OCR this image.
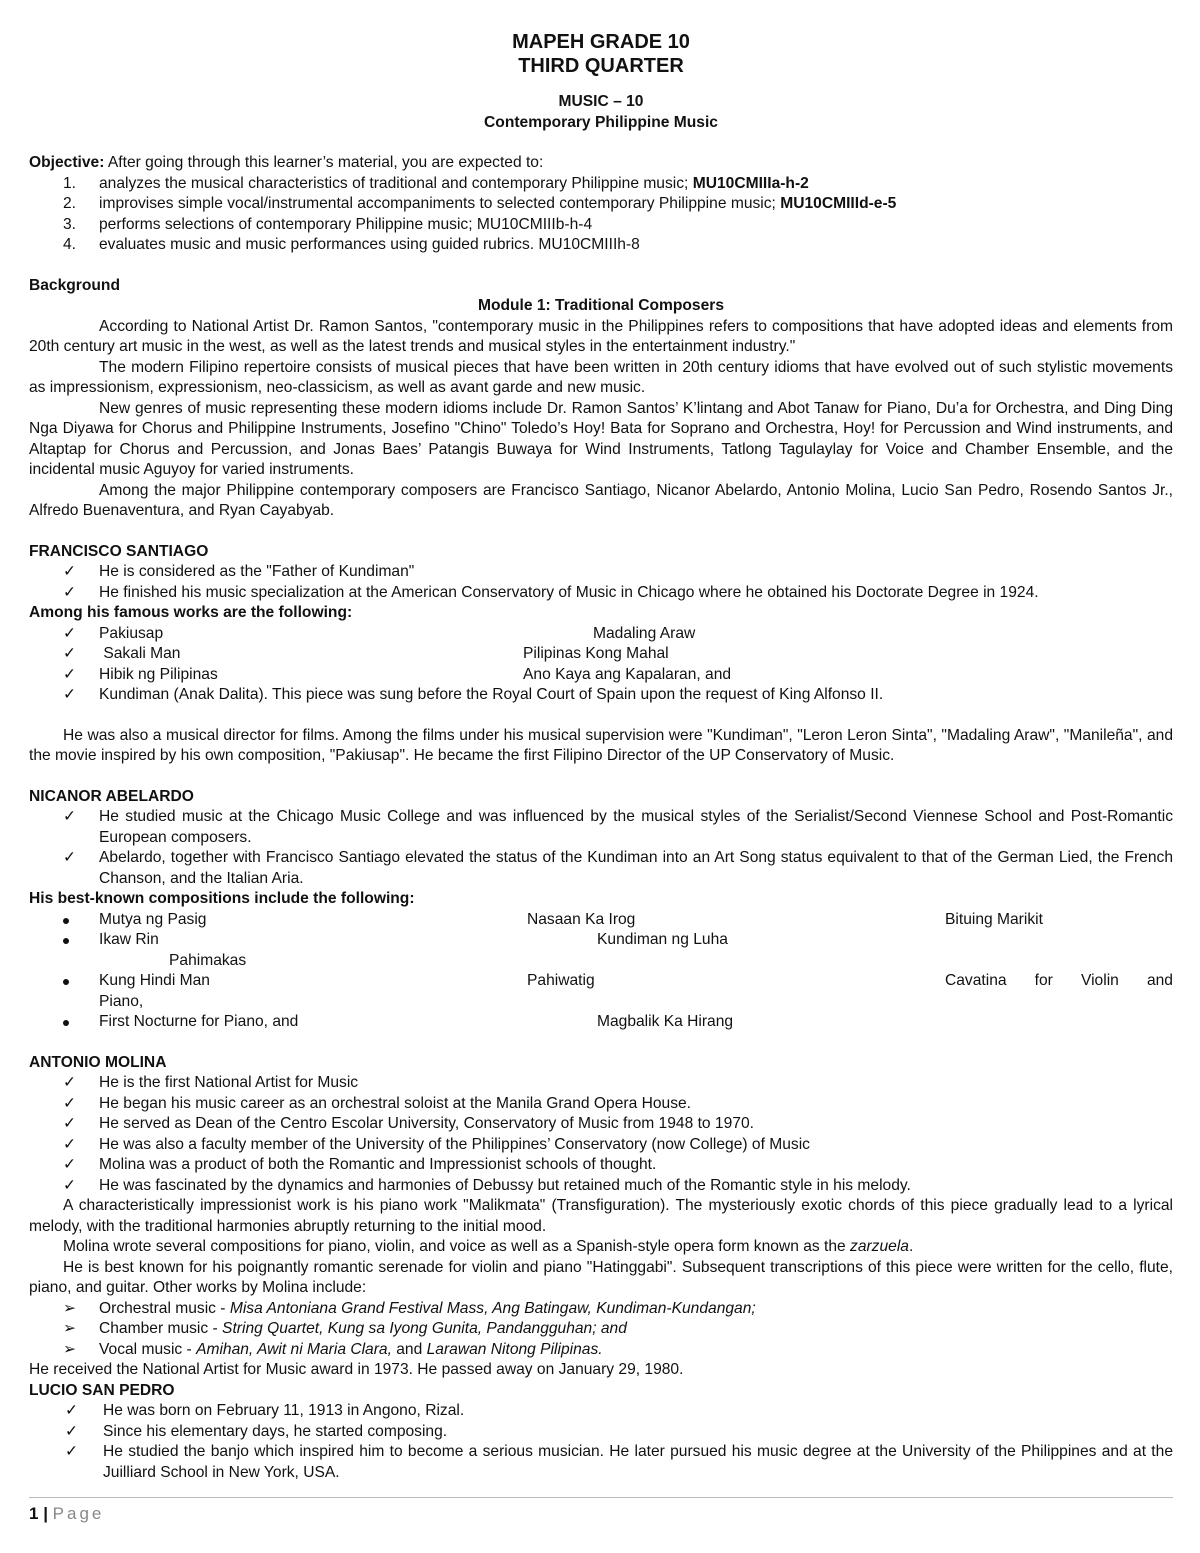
MAPEH GRADE 10
THIRD QUARTER
MUSIC – 10
Contemporary Philippine Music
Objective: After going through this learner’s material, you are expected to:
1. analyzes the musical characteristics of traditional and contemporary Philippine music; MU10CMIIIa-h-2
2. improvises simple vocal/instrumental accompaniments to selected contemporary Philippine music; MU10CMIIId-e-5
3. performs selections of contemporary Philippine music; MU10CMIIIb-h-4
4. evaluates music and music performances using guided rubrics. MU10CMIIIh-8
Background
Module 1: Traditional Composers

According to National Artist Dr. Ramon Santos, "contemporary music in the Philippines refers to compositions that have adopted ideas and elements from 20th century art music in the west, as well as the latest trends and musical styles in the entertainment industry."

The modern Filipino repertoire consists of musical pieces that have been written in 20th century idioms that have evolved out of such stylistic movements as impressionism, expressionism, neo-classicism, as well as avant garde and new music.

New genres of music representing these modern idioms include Dr. Ramon Santos’ K’lintang and Abot Tanaw for Piano, Du’a for Orchestra, and Ding Ding Nga Diyawa for Chorus and Philippine Instruments, Josefino "Chino" Toledo’s Hoy! Bata for Soprano and Orchestra, Hoy! for Percussion and Wind instruments, and Altaptap for Chorus and Percussion, and Jonas Baes’ Patangis Buwaya for Wind Instruments, Tatlong Tagulaylay for Voice and Chamber Ensemble, and the incidental music Aguyoy for varied instruments.

Among the major Philippine contemporary composers are Francisco Santiago, Nicanor Abelardo, Antonio Molina, Lucio San Pedro, Rosendo Santos Jr., Alfredo Buenaventura, and Ryan Cayabyab.

FRANCISCO SANTIAGO
✓
He is considered as the "Father of Kundiman"
✓
He finished his music specialization at the American Conservatory of Music in Chicago where he obtained his Doctorate Degree in 1924.
Among his famous works are the following:
✓
Pakiusap	Madaling Araw
✓
Sakali Man	Pilipinas Kong Mahal
✓
Hibik ng Pilipinas	Ano Kaya ang Kapalaran, and
✓
Kundiman (Anak Dalita). This piece was sung before the Royal Court of Spain upon the request of King Alfonso II.

He was also a musical director for films. Among the films under his musical supervision were "Kundiman", "Leron Leron Sinta", "Madaling Araw", "Manileña", and the movie inspired by his own composition, "Pakiusap". He became the first Filipino Director of the UP Conservatory of Music.

NICANOR ABELARDO
✓
He studied music at the Chicago Music College and was influenced by the musical styles of the Serialist/Second Viennese School and Post-Romantic European composers.
✓
Abelardo, together with Francisco Santiago elevated the status of the Kundiman into an Art Song status equivalent to that of the German Lied, the French Chanson, and the Italian Aria.
His best-known compositions include the following:
Mutya ng Pasig	Nasaan Ka Irog	Bituing Marikit
Ikaw Rin	Kundiman ng Luha
Pahimakas
Kung Hindi Man	Pahiwatig	Cavatina for Violin and
Piano,
First Nocturne for Piano, and	Magbalik Ka Hirang
ANTONIO MOLINA
✓
He is the first National Artist for Music
✓
He began his music career as an orchestral soloist at the Manila Grand Opera House.
✓
He served as Dean of the Centro Escolar University, Conservatory of Music from 1948 to 1970.
✓
He was also a faculty member of the University of the Philippines’ Conservatory (now College) of Music
✓
Molina was a product of both the Romantic and Impressionist schools of thought.
✓
He was fascinated by the dynamics and harmonies of Debussy but retained much of the Romantic style in his melody.

A characteristically impressionist work is his piano work "Malikmata" (Transfiguration). The mysteriously exotic chords of this piece gradually lead to a lyrical melody, with the traditional harmonies abruptly returning to the initial mood.

Molina wrote several compositions for piano, violin, and voice as well as a Spanish-style opera form known as the zarzuela.

He is best known for his poignantly romantic serenade for violin and piano "Hatinggabi". Subsequent transcriptions of this piece were written for the cello, flute, piano, and guitar. Other works by Molina include:

➢
Orchestral music - Misa Antoniana Grand Festival Mass, Ang Batingaw, Kundiman-Kundangan;
➢
Chamber music - String Quartet, Kung sa Iyong Gunita, Pandangguhan; and
➢
Vocal music - Amihan, Awit ni Maria Clara, and Larawan Nitong Pilipinas.
He received the National Artist for Music award in 1973. He passed away on January 29, 1980.
LUCIO SAN PEDRO
✓
He was born on February 11, 1913 in Angono, Rizal.
✓
Since his elementary days, he started composing.
✓
He studied the banjo which inspired him to become a serious musician. He later pursued his music degree at the University of the Philippines and at the Juilliard School in New York, USA.
1 | Page
